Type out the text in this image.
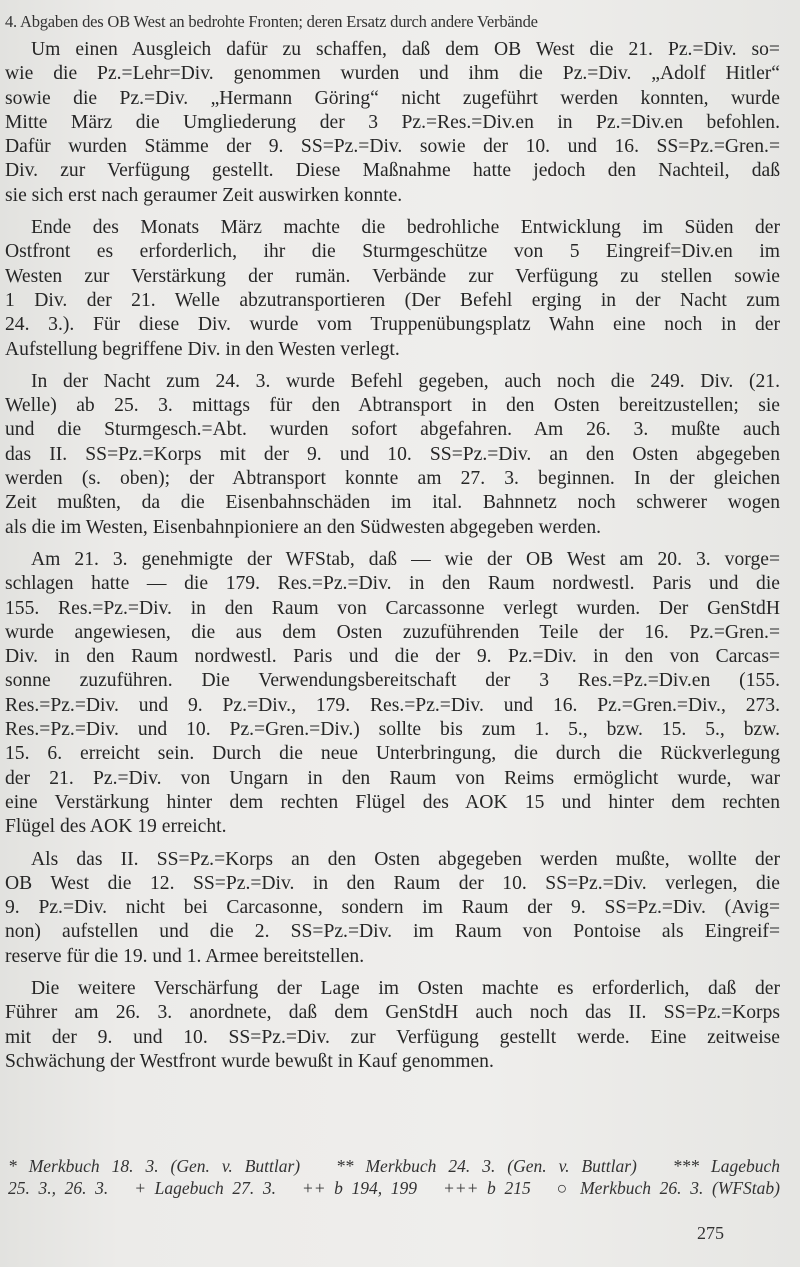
4. Abgaben des OB West an bedrohte Fronten; deren Ersatz durch andere Verbände
Um einen Ausgleich dafür zu schaffen, daß dem OB West die 21. Pz.=Div. so=
wie die Pz.=Lehr=Div. genommen wurden und ihm die Pz.=Div. „Adolf Hitler“
sowie die Pz.=Div. „Hermann Göring“ nicht zugeführt werden konnten, wurde
Mitte März die Umgliederung der 3 Pz.=Res.=Div.en in Pz.=Div.en befohlen.
Dafür wurden Stämme der 9. SS=Pz.=Div. sowie der 10. und 16. SS=Pz.=Gren.=
Div. zur Verfügung gestellt. Diese Maßnahme hatte jedoch den Nachteil, daß
sie sich erst nach geraumer Zeit auswirken konnte.
Ende des Monats März machte die bedrohliche Entwicklung im Süden der
Ostfront es erforderlich, ihr die Sturmgeschütze von 5 Eingreif=Div.en im
Westen zur Verstärkung der rumän. Verbände zur Verfügung zu stellen sowie
1 Div. der 21. Welle abzutransportieren (Der Befehl erging in der Nacht zum
24. 3.). Für diese Div. wurde vom Truppenübungsplatz Wahn eine noch in der
Aufstellung begriffene Div. in den Westen verlegt.
In der Nacht zum 24. 3. wurde Befehl gegeben, auch noch die 249. Div. (21.
Welle) ab 25. 3. mittags für den Abtransport in den Osten bereitzustellen; sie
und die Sturmgesch.=Abt. wurden sofort abgefahren. Am 26. 3. mußte auch
das II. SS=Pz.=Korps mit der 9. und 10. SS=Pz.=Div. an den Osten abgegeben
werden (s. oben); der Abtransport konnte am 27. 3. beginnen. In der gleichen
Zeit mußten, da die Eisenbahnschäden im ital. Bahnnetz noch schwerer wogen
als die im Westen, Eisenbahnpioniere an den Südwesten abgegeben werden.
Am 21. 3. genehmigte der WFStab, daß — wie der OB West am 20. 3. vorge=
schlagen hatte — die 179. Res.=Pz.=Div. in den Raum nordwestl. Paris und die
155. Res.=Pz.=Div. in den Raum von Carcassonne verlegt wurden. Der GenStdH
wurde angewiesen, die aus dem Osten zuzuführenden Teile der 16. Pz.=Gren.=
Div. in den Raum nordwestl. Paris und die der 9. Pz.=Div. in den von Carcas=
sonne zuzuführen. Die Verwendungsbereitschaft der 3 Res.=Pz.=Div.en (155.
Res.=Pz.=Div. und 9. Pz.=Div., 179. Res.=Pz.=Div. und 16. Pz.=Gren.=Div., 273.
Res.=Pz.=Div. und 10. Pz.=Gren.=Div.) sollte bis zum 1. 5., bzw. 15. 5., bzw.
15. 6. erreicht sein. Durch die neue Unterbringung, die durch die Rückverlegung
der 21. Pz.=Div. von Ungarn in den Raum von Reims ermöglicht wurde, war
eine Verstärkung hinter dem rechten Flügel des AOK 15 und hinter dem rechten
Flügel des AOK 19 erreicht.
Als das II. SS=Pz.=Korps an den Osten abgegeben werden mußte, wollte der
OB West die 12. SS=Pz.=Div. in den Raum der 10. SS=Pz.=Div. verlegen, die
9. Pz.=Div. nicht bei Carcasonne, sondern im Raum der 9. SS=Pz.=Div. (Avig=
non) aufstellen und die 2. SS=Pz.=Div. im Raum von Pontoise als Eingreif=
reserve für die 19. und 1. Armee bereitstellen.
Die weitere Verschärfung der Lage im Osten machte es erforderlich, daß der
Führer am 26. 3. anordnete, daß dem GenStdH auch noch das II. SS=Pz.=Korps
mit der 9. und 10. SS=Pz.=Div. zur Verfügung gestellt werde. Eine zeitweise
Schwächung der Westfront wurde bewußt in Kauf genommen.
* Merkbuch 18. 3. (Gen. v. Buttlar)   ** Merkbuch 24. 3. (Gen. v. Buttlar)   *** Lagebuch
25. 3., 26. 3.   + Lagebuch 27. 3.   ++ b 194, 199   +++ b 215   ○ Merkbuch 26. 3. (WFStab)
275
